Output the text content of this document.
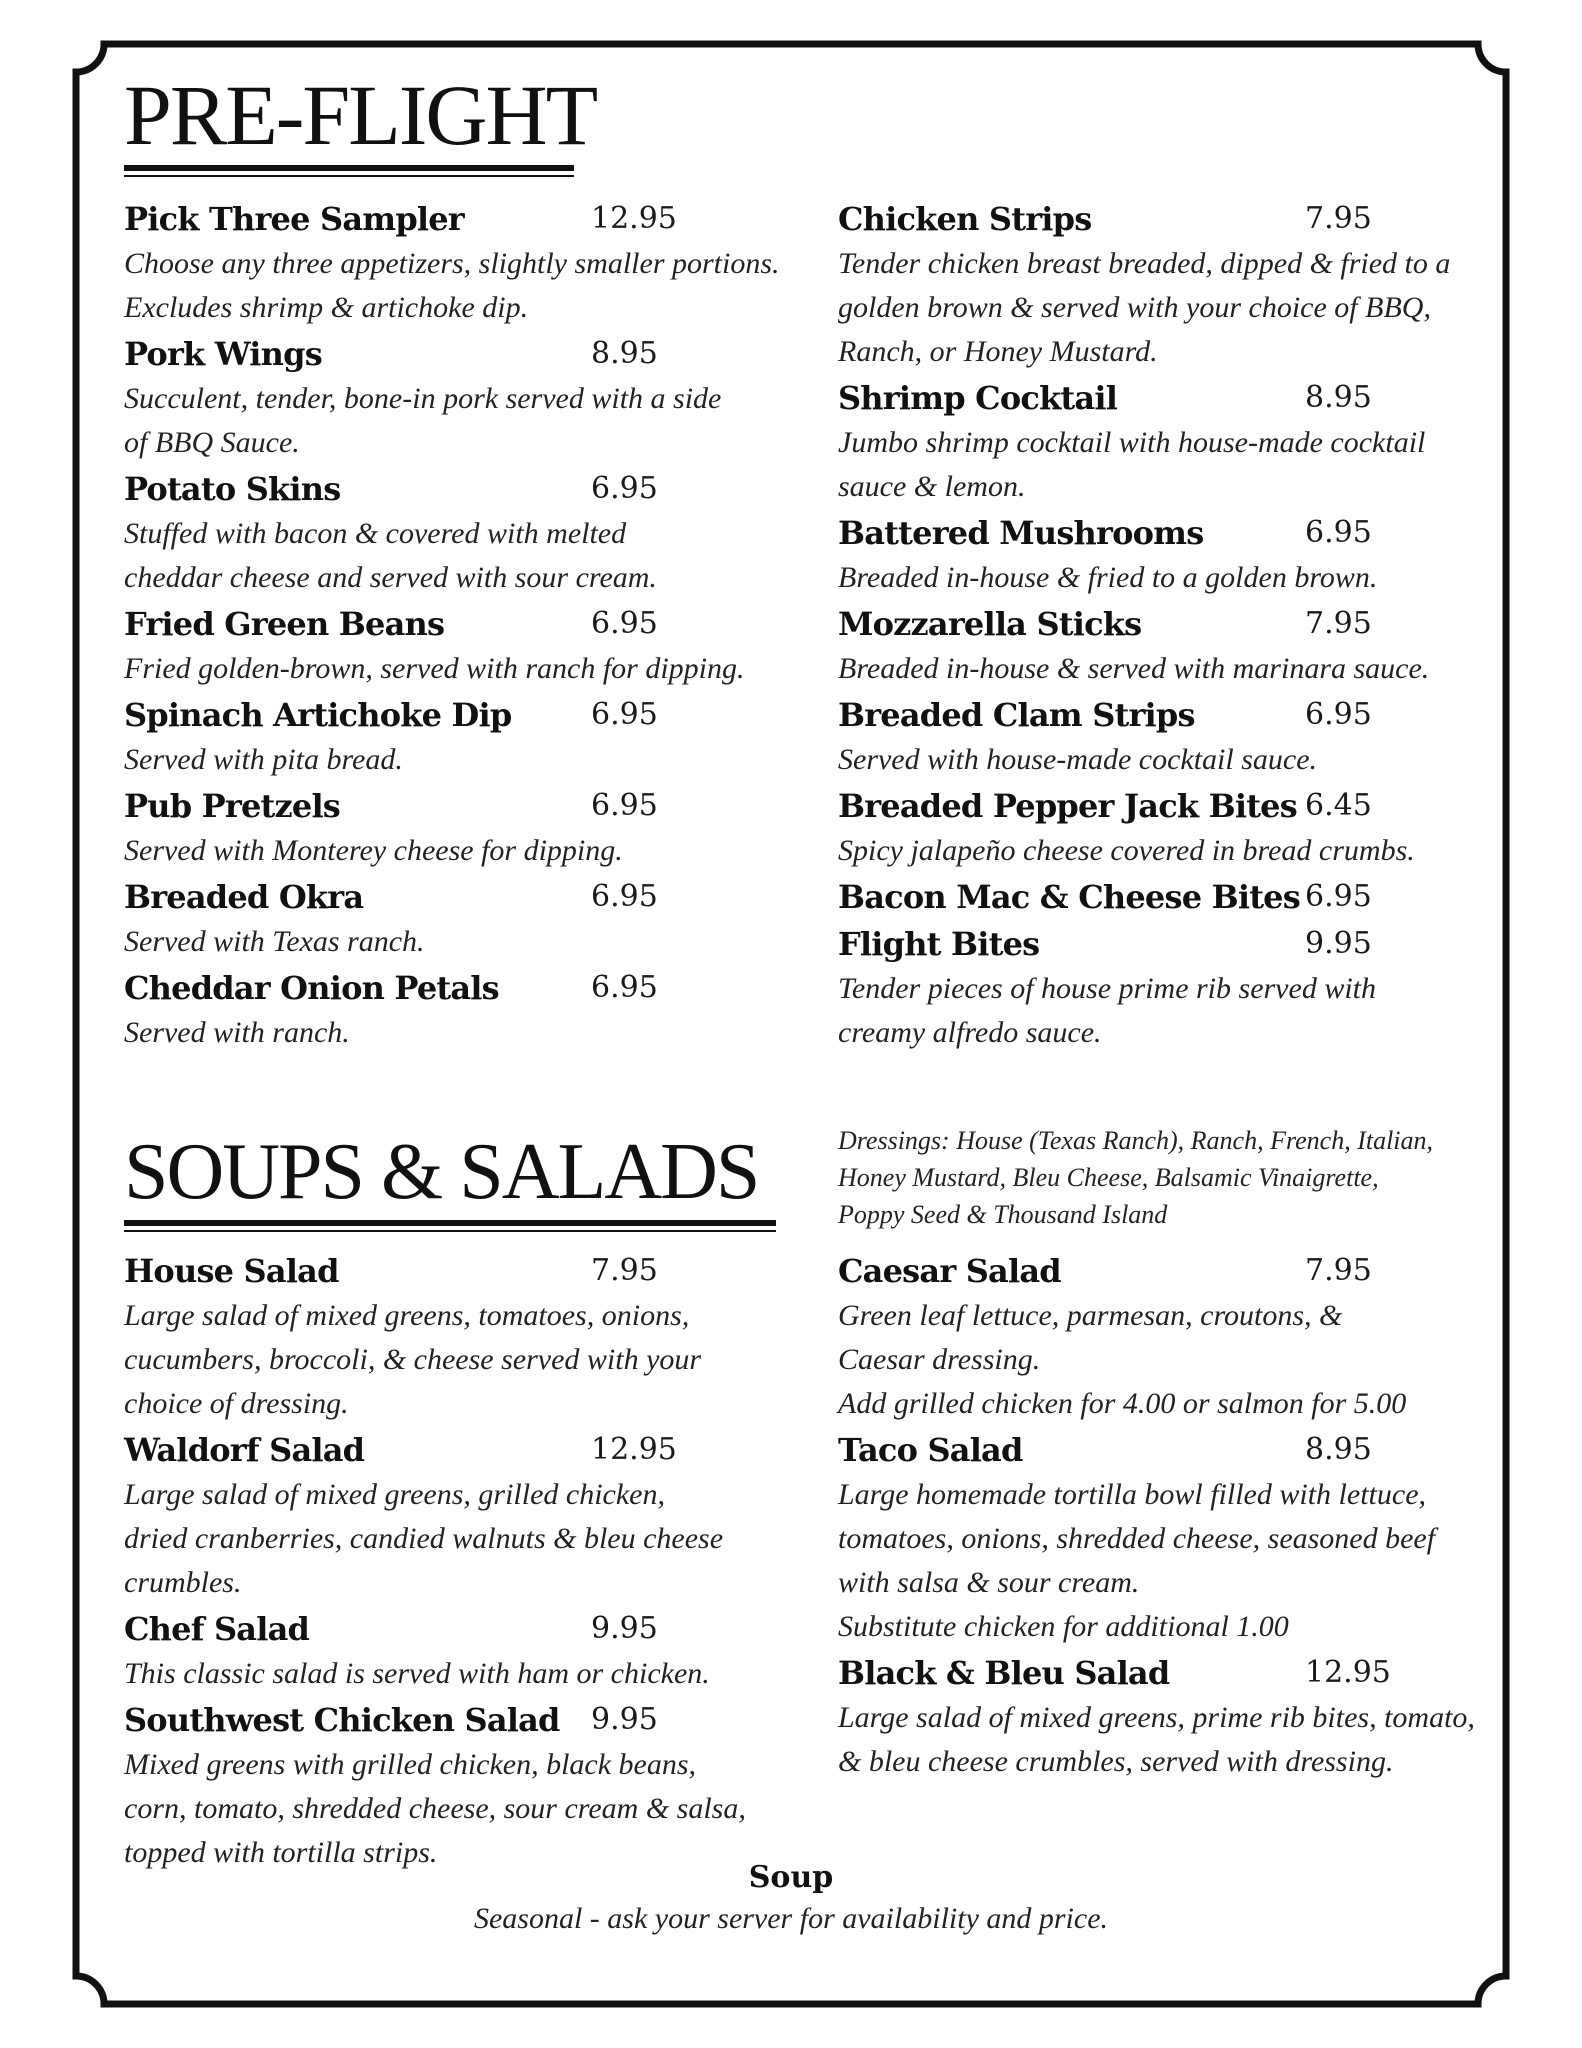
PRE-FLIGHT
Pick Three Sampler	12.95
Choose any three appetizers, slightly smaller portions.
Excludes shrimp & artichoke dip.
Pork Wings	8.95
Succulent, tender, bone-in pork served with a side
of BBQ Sauce.
Potato Skins	6.95
Stuffed with bacon & covered with melted
cheddar cheese and served with sour cream.
Fried Green Beans	6.95
Fried golden-brown, served with ranch for dipping.
Spinach Artichoke Dip	6.95
Served with pita bread.
Pub Pretzels	6.95
Served with Monterey cheese for dipping.
Breaded Okra	6.95
Served with Texas ranch.
Cheddar Onion Petals	6.95
Served with ranch.
Chicken Strips	7.95
Tender chicken breast breaded, dipped & fried to a
golden brown & served with your choice of BBQ,
Ranch, or Honey Mustard.
Shrimp Cocktail	8.95
Jumbo shrimp cocktail with house-made cocktail
sauce & lemon.
Battered Mushrooms	6.95
Breaded in-house & fried to a golden brown.
Mozzarella Sticks	7.95
Breaded in-house & served with marinara sauce.
Breaded Clam Strips	6.95
Served with house-made cocktail sauce.
Breaded Pepper Jack Bites 6.45
Spicy jalapeño cheese covered in bread crumbs.
Bacon Mac & Cheese Bites 6.95
Flight Bites	9.95
Tender pieces of house prime rib served with
creamy alfredo sauce.
SOUPS & SALADS	Dressings: House (Texas Ranch), Ranch, French, Italian,
Honey Mustard, Bleu Cheese, Balsamic Vinaigrette,
Poppy Seed & Thousand Island
House Salad	7.95
Large salad of mixed greens, tomatoes, onions,
cucumbers, broccoli, & cheese served with your
choice of dressing.
Waldorf Salad	12.95
Large salad of mixed greens, grilled chicken,
dried cranberries, candied walnuts & bleu cheese
crumbles.
Chef Salad	9.95
This classic salad is served with ham or chicken.
Southwest Chicken Salad 9.95
Mixed greens with grilled chicken, black beans,
corn, tomato, shredded cheese, sour cream & salsa,
topped with tortilla strips.
Caesar Salad	7.95
Green leaf lettuce, parmesan, croutons, &
Caesar dressing.
Add grilled chicken for 4.00 or salmon for 5.00
Taco Salad	8.95
Large homemade tortilla bowl filled with lettuce,
tomatoes, onions, shredded cheese, seasoned beef
with salsa & sour cream.
Substitute chicken for additional 1.00
Black & Bleu Salad	12.95
Large salad of mixed greens, prime rib bites, tomato,
& bleu cheese crumbles, served with dressing.
Soup
Seasonal - ask your server for availability and price.
